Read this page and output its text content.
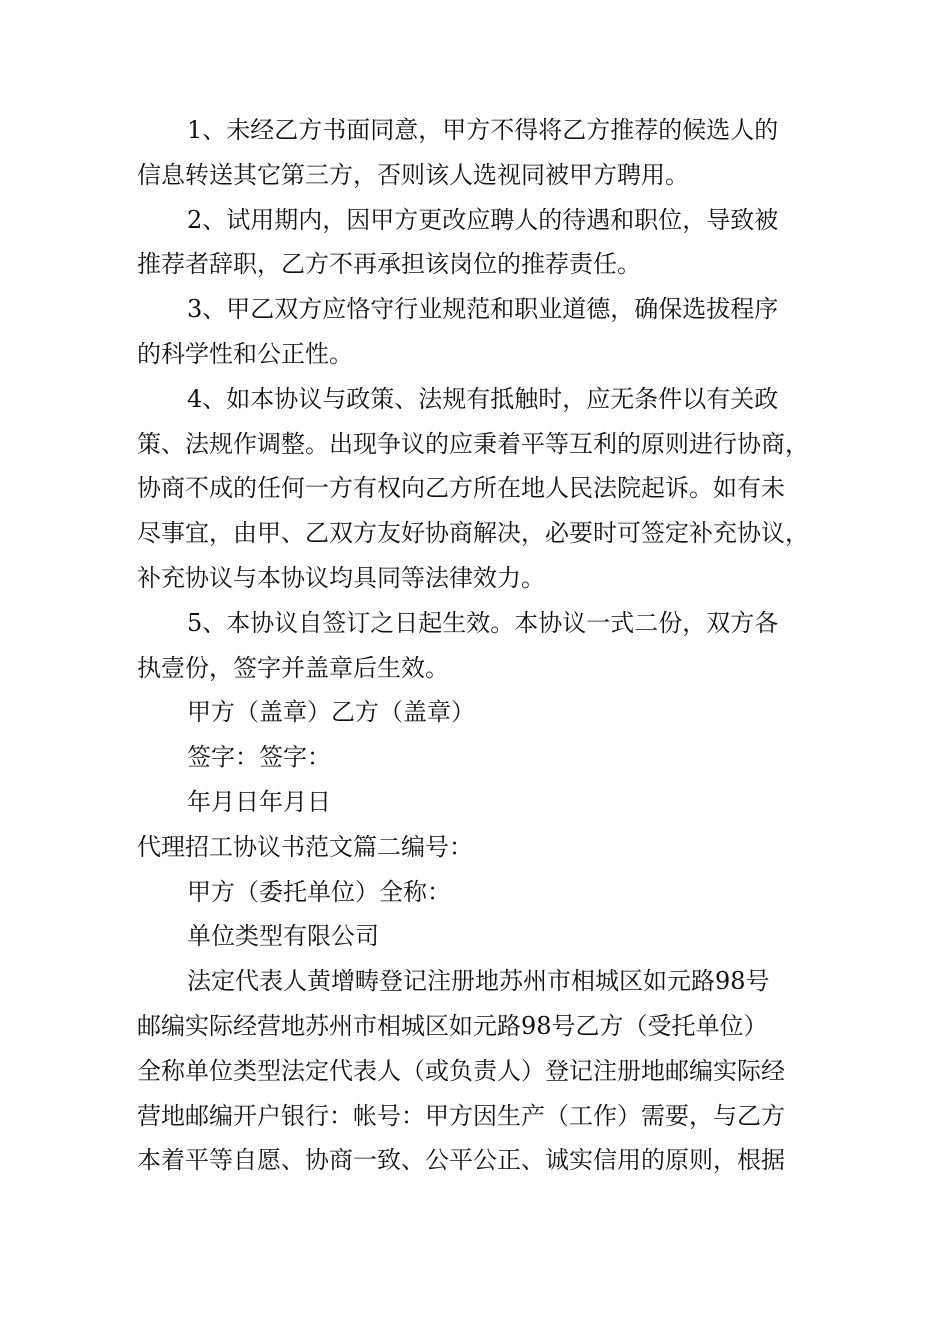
1、未经乙方书面同意，甲方不得将乙方推荐的候选人的
信息转送其它第三方，否则该人选视同被甲方聘用。
2、试用期内，因甲方更改应聘人的待遇和职位，导致被
推荐者辞职，乙方不再承担该岗位的推荐责任。
3、甲乙双方应恪守行业规范和职业道德，确保选拔程序
的科学性和公正性。
4、如本协议与政策、法规有抵触时，应无条件以有关政
策、法规作调整。出现争议的应秉着平等互利的原则进行协商，
协商不成的任何一方有权向乙方所在地人民法院起诉。如有未
尽事宜，由甲、乙双方友好协商解决，必要时可签定补充协议，
补充协议与本协议均具同等法律效力。
5、本协议自签订之日起生效。本协议一式二份，双方各
执壹份，签字并盖章后生效。
甲方（盖章）乙方（盖章）
签字：签字：
年月日年月日
代理招工协议书范文篇二编号：
甲方（委托单位）全称：
单位类型有限公司
法定代表人黄增畴登记注册地苏州市相城区如元路98号
邮编实际经营地苏州市相城区如元路98号乙方（受托单位）
全称单位类型法定代表人（或负责人）登记注册地邮编实际经
营地邮编开户银行：帐号：甲方因生产（工作）需要，与乙方
本着平等自愿、协商一致、公平公正、诚实信用的原则，根据
